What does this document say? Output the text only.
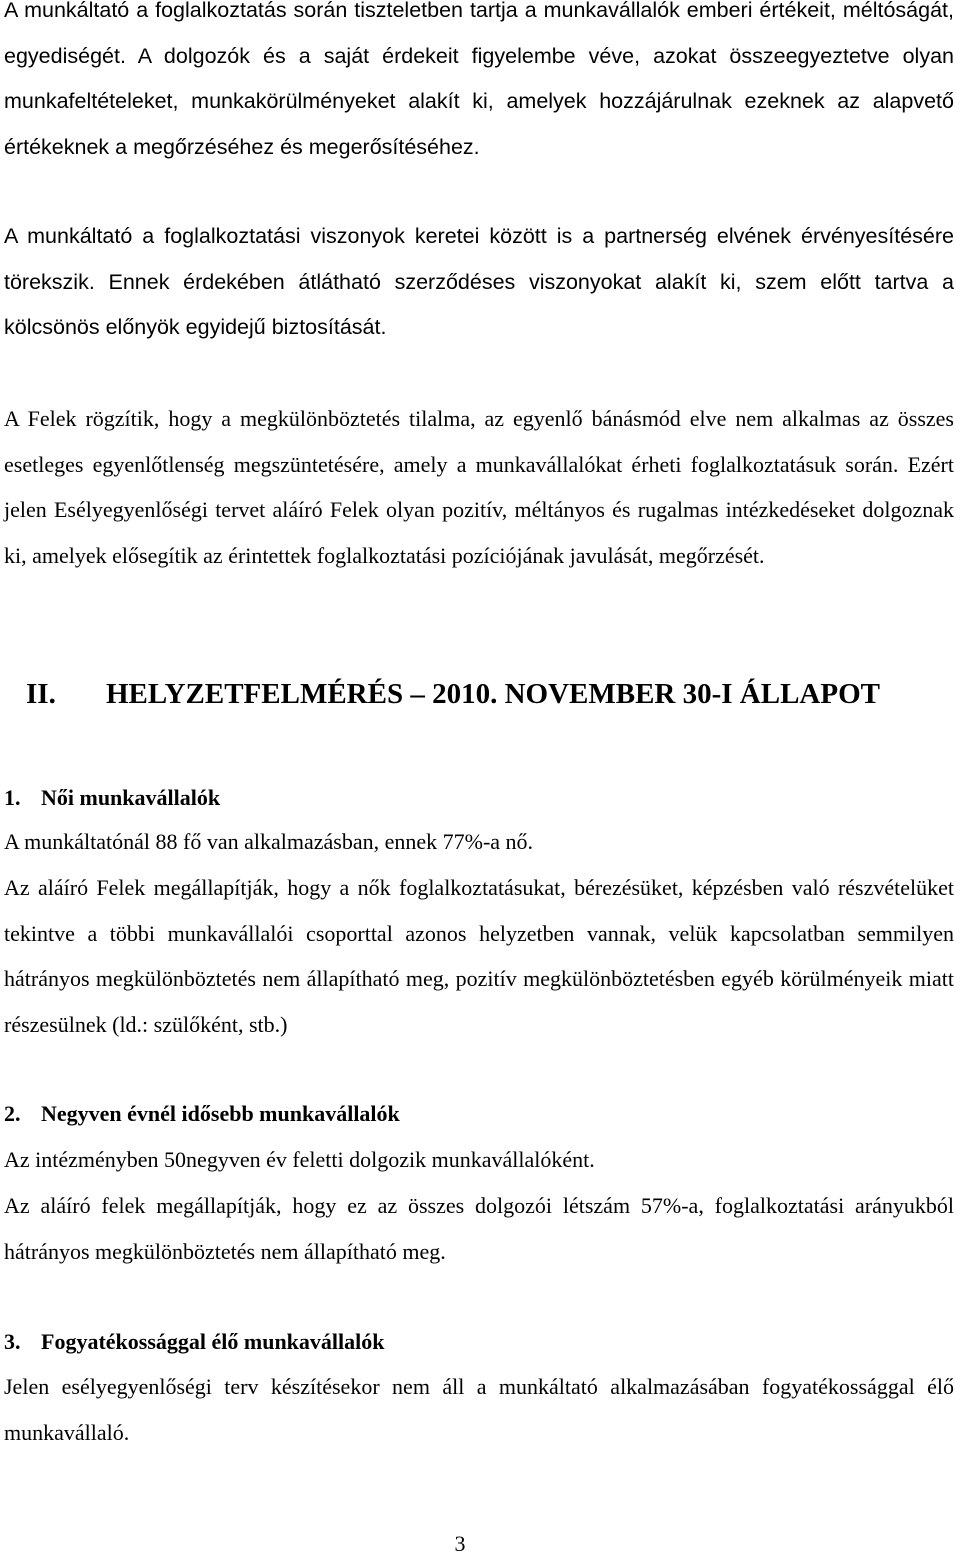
A munkáltató a foglalkoztatás során tiszteletben tartja a munkavállalók emberi értékeit, méltóságát, egyediségét. A dolgozók és a saját érdekeit figyelembe véve, azokat összeegyeztetve olyan munkafeltételeket, munkakörülményeket alakít ki, amelyek hozzájárulnak ezeknek az alapvető értékeknek a megőrzéséhez és megerősítéséhez.

A munkáltató a foglalkoztatási viszonyok keretei között is a partnerség elvének érvényesítésére törekszik. Ennek érdekében átlátható szerződéses viszonyokat alakít ki, szem előtt tartva a kölcsönös előnyök egyidejű biztosítását.

A Felek rögzítik, hogy a megkülönböztetés tilalma, az egyenlő bánásmód elve nem alkalmas az összes esetleges egyenlőtlenség megszüntetésére, amely a munkavállalókat érheti foglalkoztatásuk során. Ezért jelen Esélyegyenlőségi tervet aláíró Felek olyan pozitív, méltányos és rugalmas intézkedéseket dolgoznak ki, amelyek elősegítik az érintettek foglalkoztatási pozíciójának javulását, megőrzését.

II. HELYZETFELMÉRÉS – 2010. NOVEMBER 30-I ÁLLAPOT
1. Női munkavállalók

A munkáltatónál 88 fő van alkalmazásban, ennek 77%-a nő.

Az aláíró Felek megállapítják, hogy a nők foglalkoztatásukat, bérezésüket, képzésben való részvételüket tekintve a többi munkavállalói csoporttal azonos helyzetben vannak, velük kapcsolatban semmilyen hátrányos megkülönböztetés nem állapítható meg, pozitív megkülönböztetésben egyéb körülményeik miatt részesülnek (ld.: szülőként, stb.)

2. Negyven évnél idősebb munkavállalók

Az intézményben 50negyven év feletti dolgozik munkavállalóként.

Az aláíró felek megállapítják, hogy ez az összes dolgozói létszám 57%-a, foglalkoztatási arányukból hátrányos megkülönböztetés nem állapítható meg.

3. Fogyatékossággal élő munkavállalók

Jelen esélyegyenlőségi terv készítésekor nem áll a munkáltató alkalmazásában fogyatékossággal élő munkavállaló.

3
